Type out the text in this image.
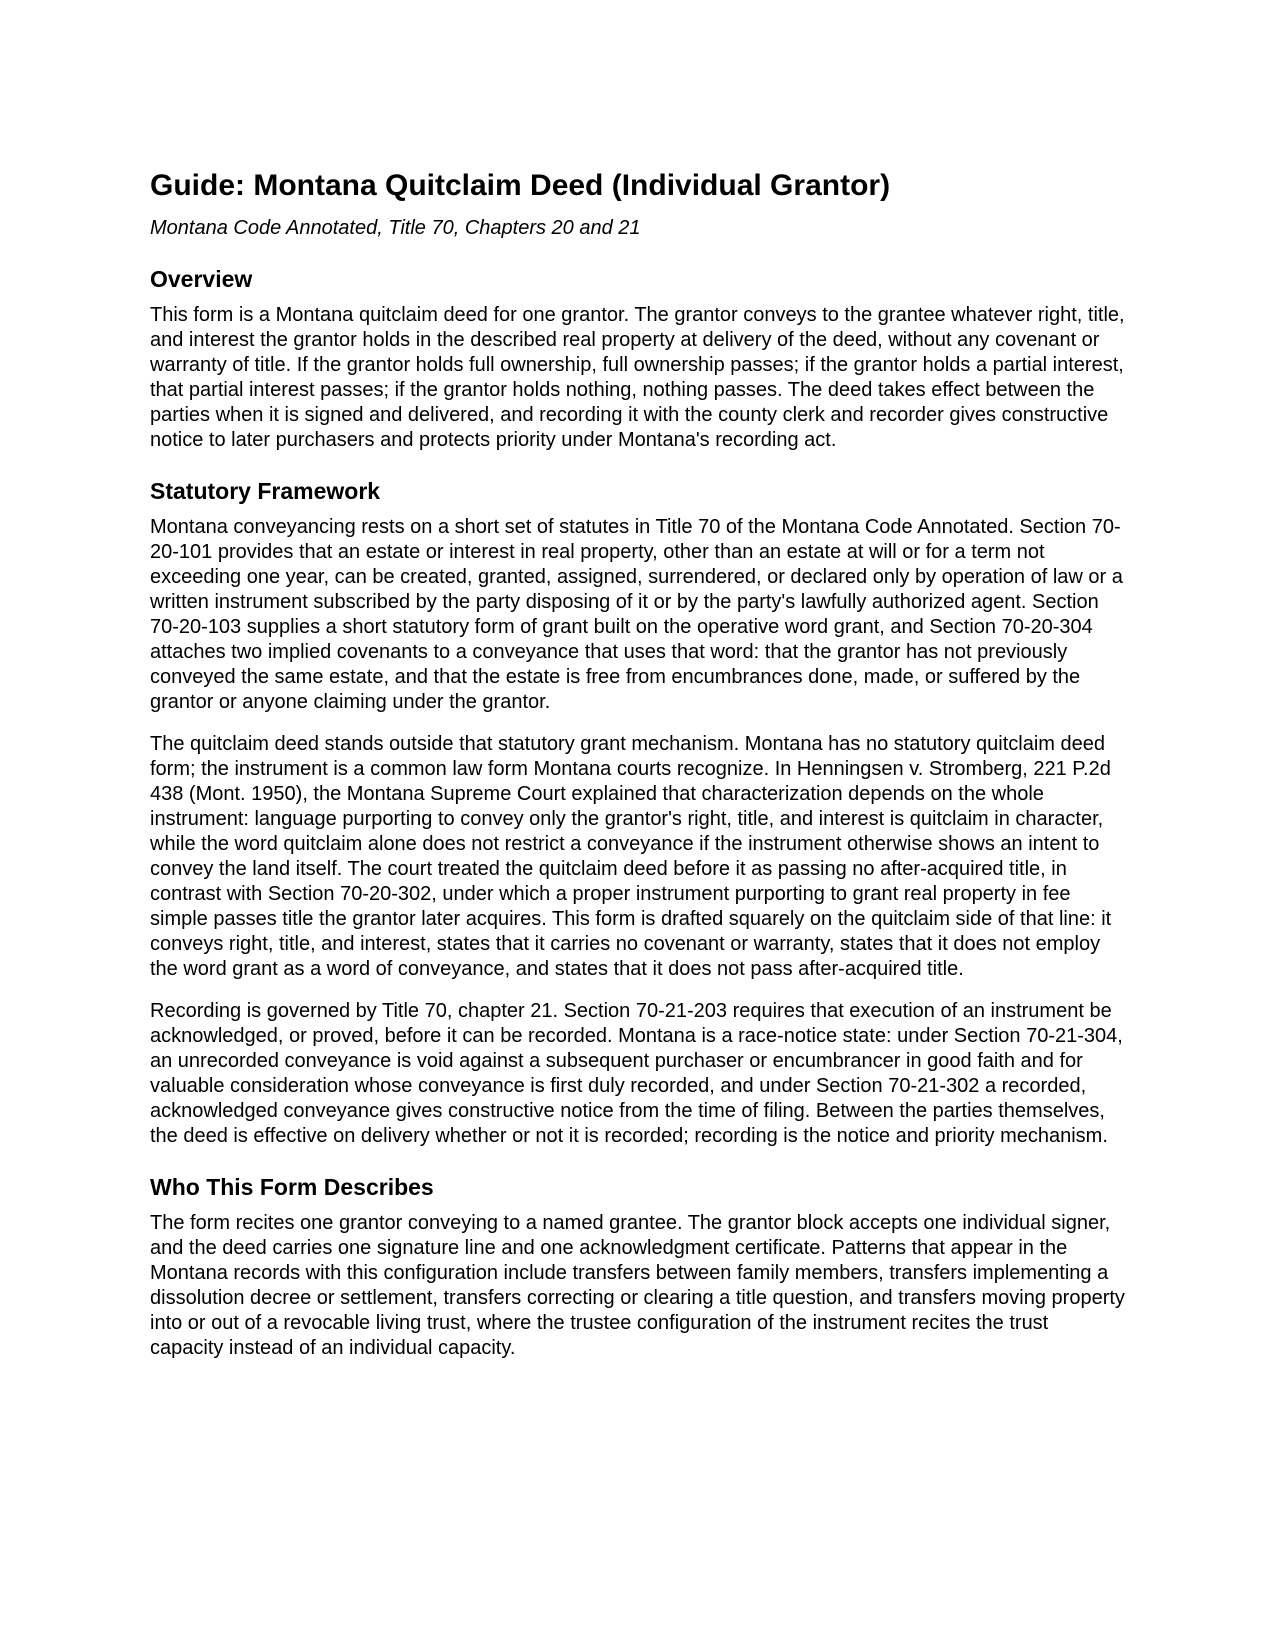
Guide: Montana Quitclaim Deed (Individual Grantor)
Montana Code Annotated, Title 70, Chapters 20 and 21
Overview

This form is a Montana quitclaim deed for one grantor. The grantor conveys to the grantee whatever right, title, and interest the grantor holds in the described real property at delivery of the deed, without any covenant or warranty of title. If the grantor holds full ownership, full ownership passes; if the grantor holds a partial interest, that partial interest passes; if the grantor holds nothing, nothing passes. The deed takes effect between the parties when it is signed and delivered, and recording it with the county clerk and recorder gives constructive notice to later purchasers and protects priority under Montana's recording act.

Statutory Framework

Montana conveyancing rests on a short set of statutes in Title 70 of the Montana Code Annotated. Section 70-20-101 provides that an estate or interest in real property, other than an estate at will or for a term not exceeding one year, can be created, granted, assigned, surrendered, or declared only by operation of law or a written instrument subscribed by the party disposing of it or by the party's lawfully authorized agent. Section 70-20-103 supplies a short statutory form of grant built on the operative word grant, and Section 70-20-304 attaches two implied covenants to a conveyance that uses that word: that the grantor has not previously conveyed the same estate, and that the estate is free from encumbrances done, made, or suffered by the grantor or anyone claiming under the grantor.

The quitclaim deed stands outside that statutory grant mechanism. Montana has no statutory quitclaim deed form; the instrument is a common law form Montana courts recognize. In Henningsen v. Stromberg, 221 P.2d 438 (Mont. 1950), the Montana Supreme Court explained that characterization depends on the whole instrument: language purporting to convey only the grantor's right, title, and interest is quitclaim in character, while the word quitclaim alone does not restrict a conveyance if the instrument otherwise shows an intent to convey the land itself. The court treated the quitclaim deed before it as passing no after-acquired title, in contrast with Section 70-20-302, under which a proper instrument purporting to grant real property in fee simple passes title the grantor later acquires. This form is drafted squarely on the quitclaim side of that line: it conveys right, title, and interest, states that it carries no covenant or warranty, states that it does not employ the word grant as a word of conveyance, and states that it does not pass after-acquired title.

Recording is governed by Title 70, chapter 21. Section 70-21-203 requires that execution of an instrument be acknowledged, or proved, before it can be recorded. Montana is a race-notice state: under Section 70-21-304, an unrecorded conveyance is void against a subsequent purchaser or encumbrancer in good faith and for valuable consideration whose conveyance is first duly recorded, and under Section 70-21-302 a recorded, acknowledged conveyance gives constructive notice from the time of filing. Between the parties themselves, the deed is effective on delivery whether or not it is recorded; recording is the notice and priority mechanism.

Who This Form Describes

The form recites one grantor conveying to a named grantee. The grantor block accepts one individual signer, and the deed carries one signature line and one acknowledgment certificate. Patterns that appear in the Montana records with this configuration include transfers between family members, transfers implementing a dissolution decree or settlement, transfers correcting or clearing a title question, and transfers moving property into or out of a revocable living trust, where the trustee configuration of the instrument recites the trust capacity instead of an individual capacity.
